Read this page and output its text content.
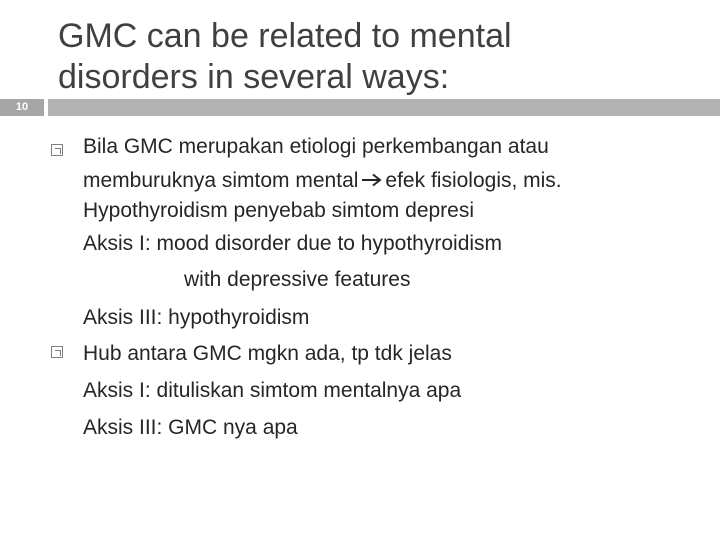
GMC can be related to mental
disorders in several ways:
10
Bila GMC merupakan etiologi perkembangan atau
memburuknya simtom mental efek fisiologis, mis.
Hypothyroidism penyebab simtom depresi
Aksis I: mood disorder due to hypothyroidism
with depressive features
Aksis III: hypothyroidism
Hub antara GMC mgkn ada, tp tdk jelas
Aksis I: dituliskan simtom mentalnya apa
Aksis III: GMC nya apa
